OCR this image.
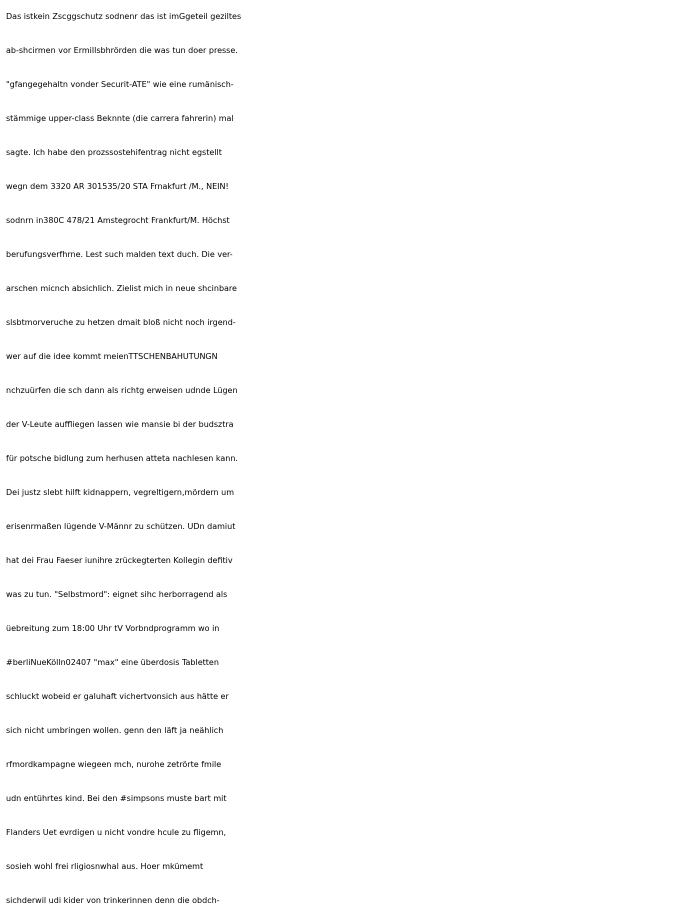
Das istkein Zscggschutz sodnenr das ist imGgeteil geziltes
ab-shcirmen vor Ermillsbhrörden die was tun doer presse.
"gfangegehaltn vonder Securit-ATE" wie eine rumänisch-
stämmige upper-class Beknnte (die carrera fahrerin) mal
sagte. Ich habe den prozssostehifentrag nicht egstellt
wegn dem 3320 AR 301535/20 STA Frnakfurt /M., NEIN!
sodnrn in380C 478/21 Amstegrocht Frankfurt/M. Höchst
berufungsverfhrne. Lest such malden text duch. Die ver-
arschen micnch absichlich. Zielist mich in neue shcinbare
slsbtmorveruche zu hetzen dmait bloß nicht noch irgend-
wer auf die idee kommt meienTTSCHENBAHUTUNGN
nchzuürfen die sch dann als richtg erweisen udnde Lügen
der V-Leute auffliegen lassen wie mansie bi der budsztra
für potsche bidlung zum herhusen atteta nachlesen kann.
Dei justz slebt hilft kidnappern, vegreltigern,mördern um
erisenrmaßen lügende V-Männr zu schützen. UDn damiut
hat dei Frau Faeser iunihre zrückegterten Kollegin defitiv
was zu tun. "Selbstmord": eignet sihc herborragend als
üebreitung zum 18:00 Uhr tV Vorbndprogramm wo in
#berliNueKölln02407 "max" eine überdosis Tabletten
schluckt wobeid er galuhaft vichertvonsich aus hätte er
sich nicht umbringen wollen. genn den läft ja neählich
rfmordkampagne wiegeen mch, nurohe zetrörte fmile
udn entührtes kind. Bei den #simpsons muste bart mit
Flanders Uet evrdigen u nicht vondre hcule zu fligemn,
sosieh wohl frei rligiosnwhal aus. Hoer mkümemt
sichderwil udi kider von trinkerinnen denn die obdch-
